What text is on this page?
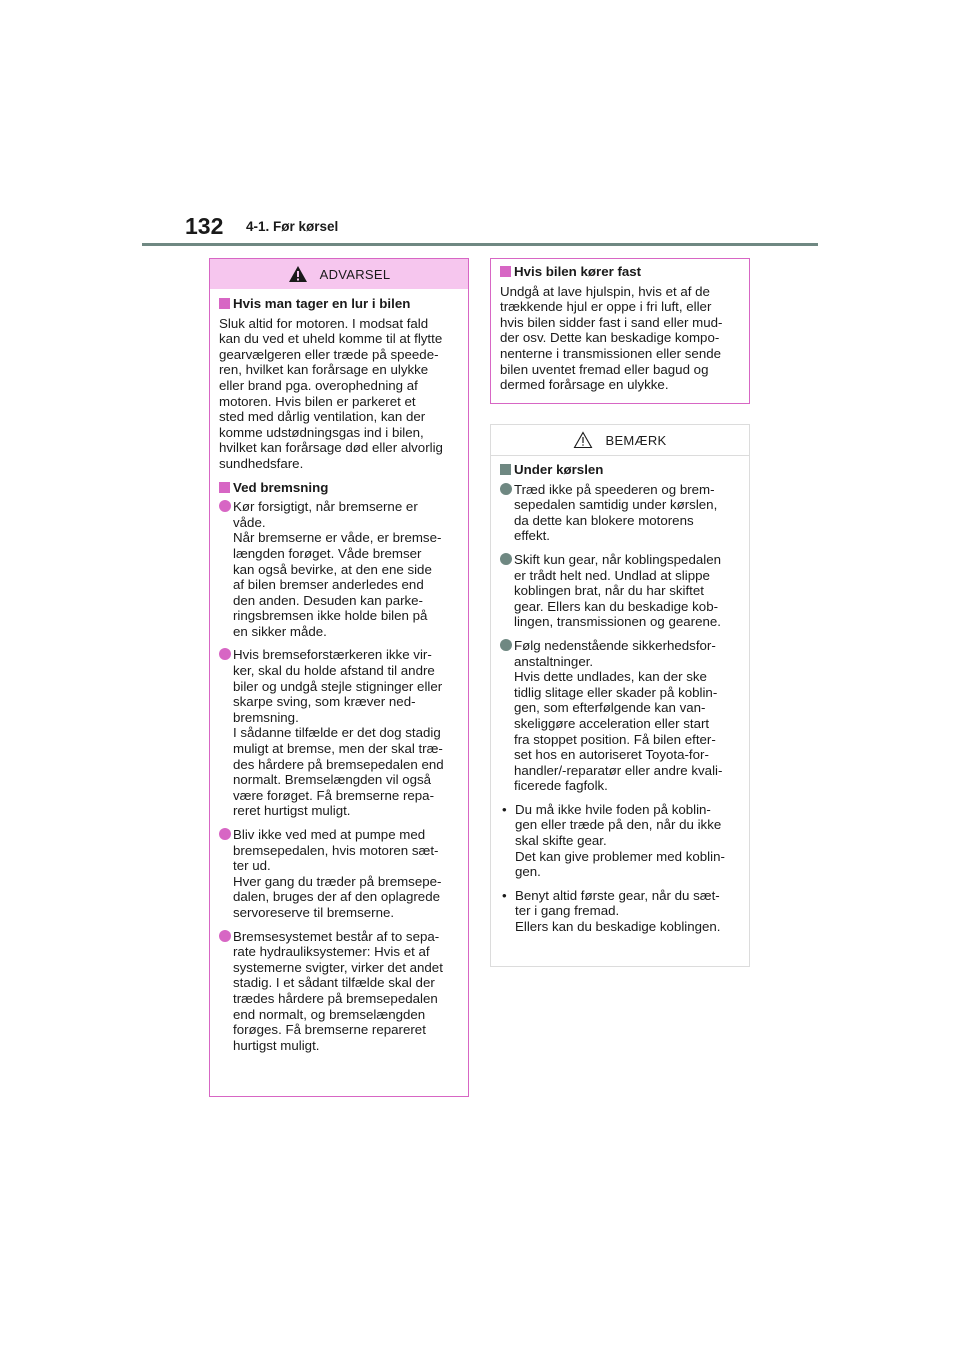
132 4-1. Før kørsel
ADVARSEL
Hvis man tager en lur i bilen

Sluk altid for motoren. I modsat fald
kan du ved et uheld komme til at flytte
gearvælgeren eller træde på speede-
ren, hvilket kan forårsage en ulykke
eller brand pga. overophedning af
motoren. Hvis bilen er parkeret et
sted med dårlig ventilation, kan der
komme udstødningsgas ind i bilen,
hvilket kan forårsage død eller alvorlig
sundhedsfare.

Ved bremsning
Kør forsigtigt, når bremserne er
våde.
Når bremserne er våde, er bremse-
længden forøget. Våde bremser
kan også bevirke, at den ene side
af bilen bremser anderledes end
den anden. Desuden kan parke-
ringsbremsen ikke holde bilen på
en sikker måde.
Hvis bremseforstærkeren ikke vir-
ker, skal du holde afstand til andre
biler og undgå stejle stigninger eller
skarpe sving, som kræver ned-
bremsning.
I sådanne tilfælde er det dog stadig
muligt at bremse, men der skal træ-
des hårdere på bremsepedalen end
normalt. Bremselængden vil også
være forøget. Få bremserne repa-
reret hurtigst muligt.
Bliv ikke ved med at pumpe med
bremsepedalen, hvis motoren sæt-
ter ud.
Hver gang du træder på bremsepe-
dalen, bruges der af den oplagrede
servoreserve til bremserne.
Bremsesystemet består af to sepa-
rate hydrauliksystemer: Hvis et af
systemerne svigter, virker det andet
stadig. I et sådant tilfælde skal der
trædes hårdere på bremsepedalen
end normalt, og bremselængden
forøges. Få bremserne repareret
hurtigst muligt.
Hvis bilen kører fast

Undgå at lave hjulspin, hvis et af de
trækkende hjul er oppe i fri luft, eller
hvis bilen sidder fast i sand eller mud-
der osv. Dette kan beskadige kompo-
nenterne i transmissionen eller sende
bilen uventet fremad eller bagud og
dermed forårsage en ulykke.

BEMÆRK
Under kørslen
Træd ikke på speederen og brem-
sepedalen samtidig under kørslen,
da dette kan blokere motorens
effekt.
Skift kun gear, når koblingspedalen
er trådt helt ned. Undlad at slippe
koblingen brat, når du har skiftet
gear. Ellers kan du beskadige kob-
lingen, transmissionen og gearene.
Følg nedenstående sikkerhedsfor-
anstaltninger.
Hvis dette undlades, kan der ske
tidlig slitage eller skader på koblin-
gen, som efterfølgende kan van-
skeliggøre acceleration eller start
fra stoppet position. Få bilen efter-
set hos en autoriseret Toyota-for-
handler/-reparatør eller andre kvali-
ficerede fagfolk.
• Du må ikke hvile foden på koblin-
gen eller træde på den, når du ikke
skal skifte gear.
Det kan give problemer med koblin-
gen.
• Benyt altid første gear, når du sæt-
ter i gang fremad.
Ellers kan du beskadige koblingen.
